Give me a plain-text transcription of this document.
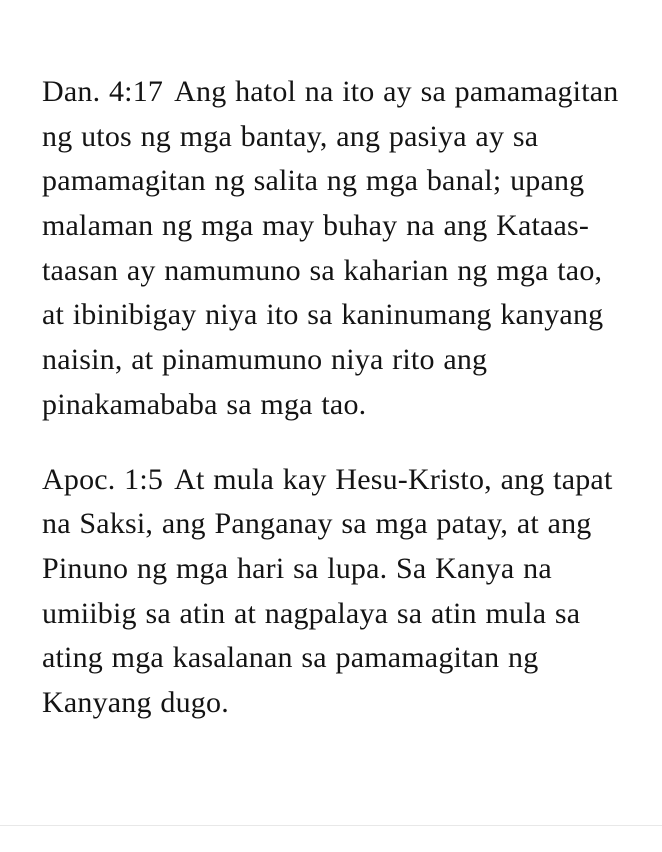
Dan. 4:17 Ang hatol na ito ay sa pamamagitan ng utos ng mga bantay, ang pasiya ay sa pamamagitan ng salita ng mga banal; upang malaman ng mga may buhay na ang Kataas-taasan ay namumuno sa kaharian ng mga tao, at ibinibigay niya ito sa kaninumang kanyang naisin, at pinamumuno niya rito ang pinakamababa sa mga tao.

Apoc. 1:5 At mula kay Hesu-Kristo, ang tapat na Saksi, ang Panganay sa mga patay, at ang Pinuno ng mga hari sa lupa. Sa Kanya na umiibig sa atin at nagpalaya sa atin mula sa ating mga kasalanan sa pamamagitan ng Kanyang dugo.
